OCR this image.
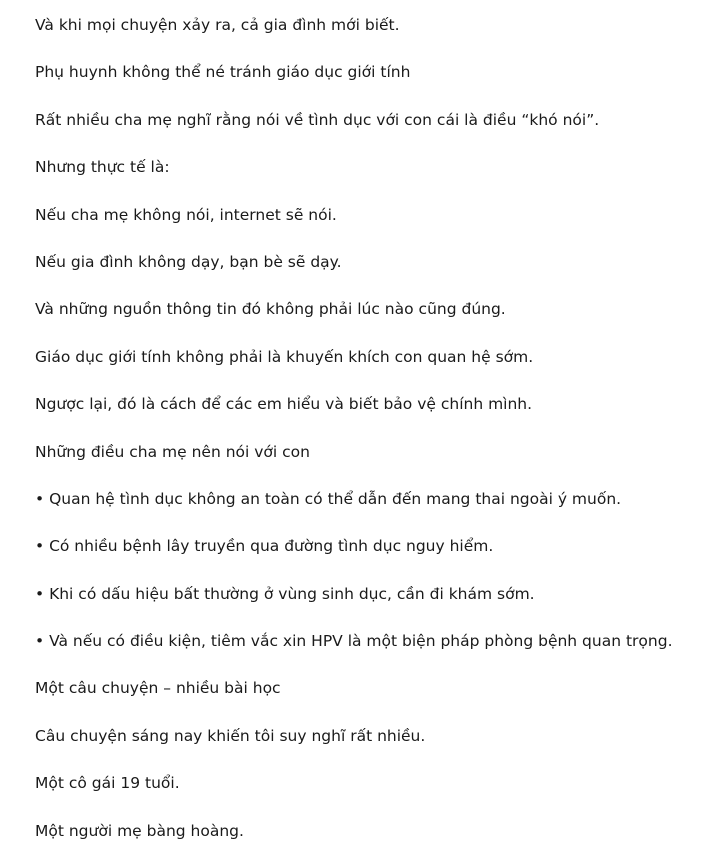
Và khi mọi chuyện xảy ra, cả gia đình mới biết.

Phụ huynh không thể né tránh giáo dục giới tính

Rất nhiều cha mẹ nghĩ rằng nói về tình dục với con cái là điều “khó nói”.

Nhưng thực tế là:

Nếu cha mẹ không nói, internet sẽ nói.

Nếu gia đình không dạy, bạn bè sẽ dạy.

Và những nguồn thông tin đó không phải lúc nào cũng đúng.

Giáo dục giới tính không phải là khuyến khích con quan hệ sớm.

Ngược lại, đó là cách để các em hiểu và biết bảo vệ chính mình.

Những điều cha mẹ nên nói với con

• Quan hệ tình dục không an toàn có thể dẫn đến mang thai ngoài ý muốn.

• Có nhiều bệnh lây truyền qua đường tình dục nguy hiểm.

• Khi có dấu hiệu bất thường ở vùng sinh dục, cần đi khám sớm.

• Và nếu có điều kiện, tiêm vắc xin HPV là một biện pháp phòng bệnh quan trọng.

Một câu chuyện – nhiều bài học

Câu chuyện sáng nay khiến tôi suy nghĩ rất nhiều.

Một cô gái 19 tuổi.

Một người mẹ bàng hoàng.
